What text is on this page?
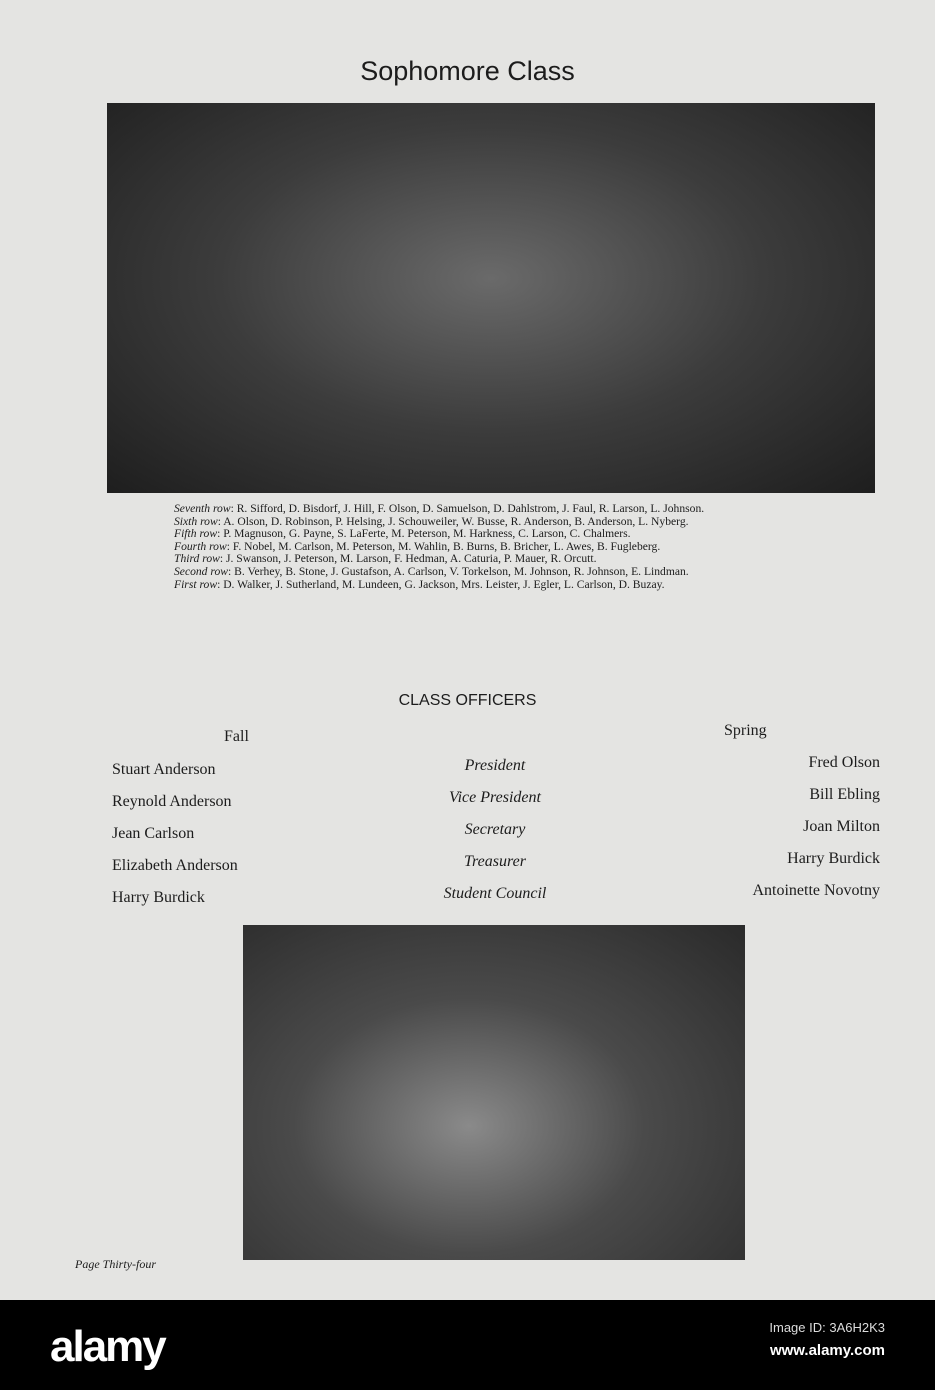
Sophomore Class
Seventh row: R. Sifford, D. Bisdorf, J. Hill, F. Olson, D. Samuelson, D. Dahlstrom, J. Faul, R. Larson, L. Johnson.
Sixth row: A. Olson, D. Robinson, P. Helsing, J. Schouweiler, W. Busse, R. Anderson, B. Anderson, L. Nyberg.
Fifth row: P. Magnuson, G. Payne, S. LaFerte, M. Peterson, M. Harkness, C. Larson, C. Chalmers.
Fourth row: F. Nobel, M. Carlson, M. Peterson, M. Wahlin, B. Burns, B. Bricher, L. Awes, B. Fugleberg.
Third row: J. Swanson, J. Peterson, M. Larson, F. Hedman, A. Caturia, P. Mauer, R. Orcutt.
Second row: B. Verhey, B. Stone, J. Gustafson, A. Carlson, V. Torkelson, M. Johnson, R. Johnson, E. Lindman.
First row: D. Walker, J. Sutherland, M. Lundeen, G. Jackson, Mrs. Leister, J. Egler, L. Carlson, D. Buzay.
CLASS OFFICERS
Fall	Spring
Stuart Anderson	President	Fred Olson
Reynold Anderson	Vice President	Bill Ebling
Jean Carlson	Secretary	Joan Milton
Elizabeth Anderson	Treasurer	Harry Burdick
Harry Burdick	Student Council	Antoinette Novotny
Page Thirty-four
alamy	Image ID: 3A6H2K3
www.alamy.com
